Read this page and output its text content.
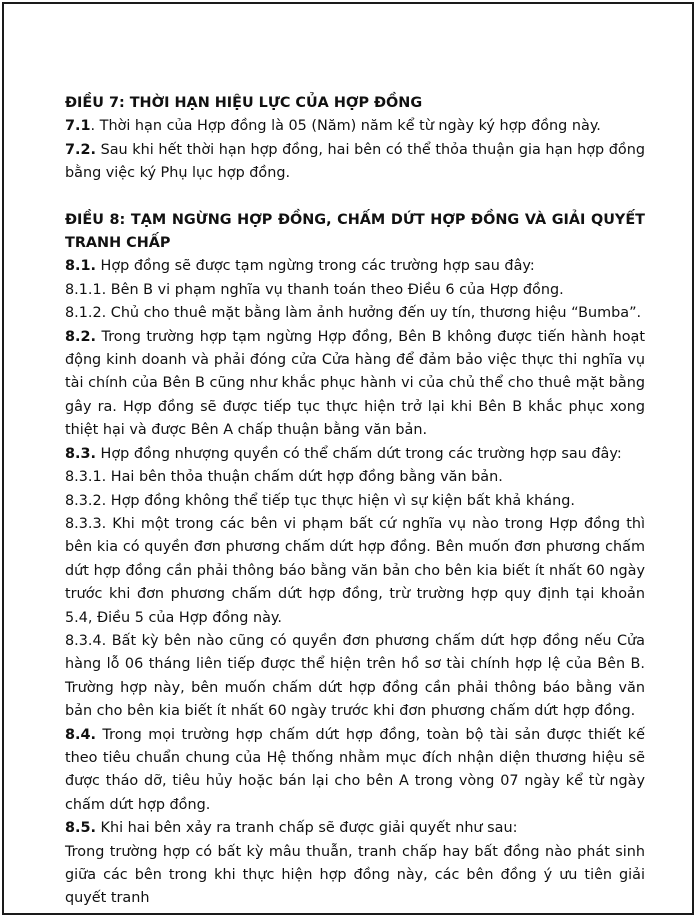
ĐIỀU 7: THỜI HẠN HIỆU LỰC CỦA HỢP ĐỒNG

7.1. Thời hạn của Hợp đồng là 05 (Năm) năm kể từ ngày ký hợp đồng này.

7.2. Sau khi hết thời hạn hợp đồng, hai bên có thể thỏa thuận gia hạn hợp đồng bằng việc ký Phụ lục hợp đồng.

ĐIỀU 8: TẠM NGỪNG HỢP ĐỒNG, CHẤM DỨT HỢP ĐỒNG VÀ GIẢI QUYẾT
TRANH CHẤP

8.1. Hợp đồng sẽ được tạm ngừng trong các trường hợp sau đây:

8.1.1. Bên B vi phạm nghĩa vụ thanh toán theo Điều 6 của Hợp đồng.

8.1.2. Chủ cho thuê mặt bằng làm ảnh hưởng đến uy tín, thương hiệu “Bumba”.

8.2. Trong trường hợp tạm ngừng Hợp đồng, Bên B không được tiến hành hoạt động kinh doanh và phải đóng cửa Cửa hàng để đảm bảo việc thực thi nghĩa vụ tài chính của Bên B cũng như khắc phục hành vi của chủ thể cho thuê mặt bằng gây ra. Hợp đồng sẽ được tiếp tục thực hiện trở lại khi Bên B khắc phục xong thiệt hại và được Bên A chấp thuận bằng văn bản.

8.3. Hợp đồng nhượng quyền có thể chấm dứt trong các trường hợp sau đây:

8.3.1. Hai bên thỏa thuận chấm dứt hợp đồng bằng văn bản.

8.3.2. Hợp đồng không thể tiếp tục thực hiện vì sự kiện bất khả kháng.

8.3.3. Khi một trong các bên vi phạm bất cứ nghĩa vụ nào trong Hợp đồng thì bên kia có quyền đơn phương chấm dứt hợp đồng. Bên muốn đơn phương chấm dứt hợp đồng cần phải thông báo bằng văn bản cho bên kia biết ít nhất 60 ngày trước khi đơn phương chấm dứt hợp đồng, trừ trường hợp quy định tại khoản 5.4, Điều 5 của Hợp đồng này.

8.3.4. Bất kỳ bên nào cũng có quyền đơn phương chấm dứt hợp đồng nếu Cửa hàng lỗ 06 tháng liên tiếp được thể hiện trên hồ sơ tài chính hợp lệ của Bên B. Trường hợp này, bên muốn chấm dứt hợp đồng cần phải thông báo bằng văn bản cho bên kia biết ít nhất 60 ngày trước khi đơn phương chấm dứt hợp đồng.

8.4. Trong mọi trường hợp chấm dứt hợp đồng, toàn bộ tài sản được thiết kế theo tiêu chuẩn chung của Hệ thống nhằm mục đích nhận diện thương hiệu sẽ được tháo dỡ, tiêu hủy hoặc bán lại cho bên A trong vòng 07 ngày kể từ ngày chấm dứt hợp đồng.

8.5. Khi hai bên xảy ra tranh chấp sẽ được giải quyết như sau:

Trong trường hợp có bất kỳ mâu thuẫn, tranh chấp hay bất đồng nào phát sinh giữa các bên trong khi thực hiện hợp đồng này, các bên đồng ý ưu tiên giải quyết tranh
